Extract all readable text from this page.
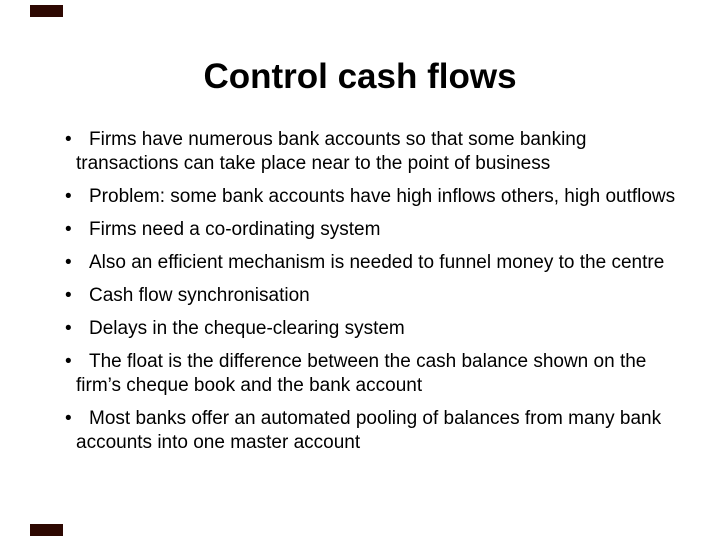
Control cash flows
• Firms have numerous bank accounts so that some banking
transactions can take place near to the point of business
• Problem: some bank accounts have high inflows others, high outflows
• Firms need a co-ordinating system
• Also an efficient mechanism is needed to funnel money to the centre
• Cash flow synchronisation
• Delays in the cheque-clearing system
• The float is the difference between the cash balance shown on the
firm’s cheque book and the bank account
• Most banks offer an automated pooling of balances from many bank
accounts into one master account
